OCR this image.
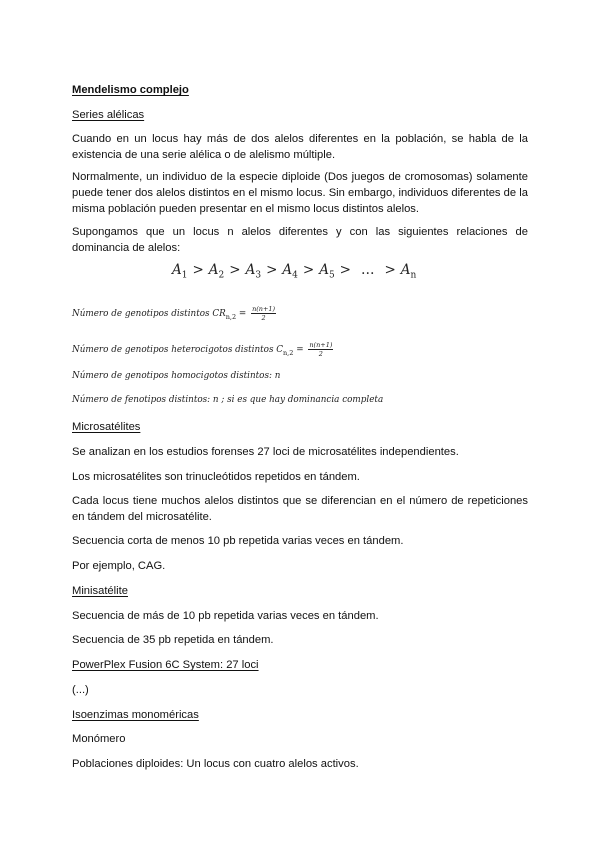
Mendelismo complejo
Series alélicas
Cuando en un locus hay más de dos alelos diferentes en la población, se habla de la existencia de una serie alélica o de alelismo múltiple.
Normalmente, un individuo de la especie diploide (Dos juegos de cromosomas) solamente puede tener dos alelos distintos en el mismo locus. Sin embargo, individuos diferentes de la misma población pueden presentar en el mismo locus distintos alelos.
Supongamos que un locus n alelos diferentes y con las siguientes relaciones de dominancia de alelos:
$A_1 > A_2 > A_3 > A_4 > A_5$ > … > $A_n$
Número de genotipos distintos $CR_{n,2} = \frac{n(n+1)}{2}$
Número de genotipos heterocigotos distintos $C_{n,2} = \frac{n(n+1)}{2}$
Número de genotipos homocigotos distintos: n
Número de fenotipos distintos: n ; si es que hay dominancia completa
Microsatélites
Se analizan en los estudios forenses 27 loci de microsatélites independientes.
Los microsatélites son trinucleótidos repetidos en tándem.
Cada locus tiene muchos alelos distintos que se diferencian en el número de repeticiones en tándem del microsatélite.
Secuencia corta de menos 10 pb repetida varias veces en tándem.
Por ejemplo, CAG.
Minisatélite
Secuencia de más de 10 pb repetida varias veces en tándem.
Secuencia de 35 pb repetida en tándem.
PowerPlex Fusion 6C System: 27 loci
(...)
Isoenzimas monoméricas
Monómero
Poblaciones diploides: Un locus con cuatro alelos activos.
